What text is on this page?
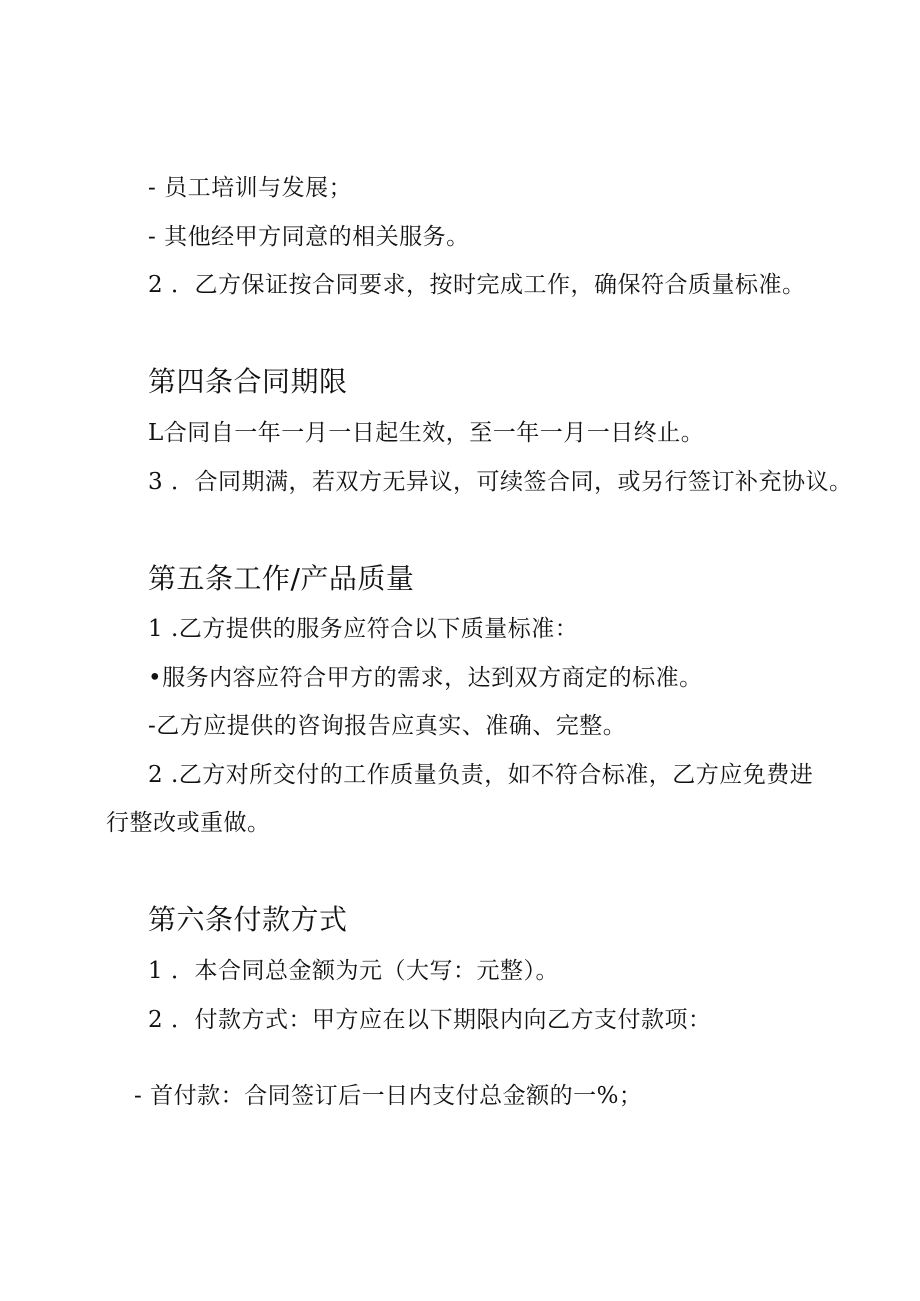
- 员工培训与发展；
- 其他经甲方同意的相关服务。
2 ．乙方保证按合同要求，按时完成工作，确保符合质量标准。
第四条合同期限
L合同自一年一月一日起生效，至一年一月一日终止。
3 ．合同期满，若双方无异议，可续签合同，或另行签订补充协议。
第五条工作/产品质量
1 .乙方提供的服务应符合以下质量标准：
•服务内容应符合甲方的需求，达到双方商定的标准。
-乙方应提供的咨询报告应真实、准确、完整。
2 .乙方对所交付的工作质量负责，如不符合标准，乙方应免费进
行整改或重做。
第六条付款方式
1 ．本合同总金额为元（大写：元整）。
2 ．付款方式：甲方应在以下期限内向乙方支付款项：
- 首付款：合同签订后一日内支付总金额的一%；
